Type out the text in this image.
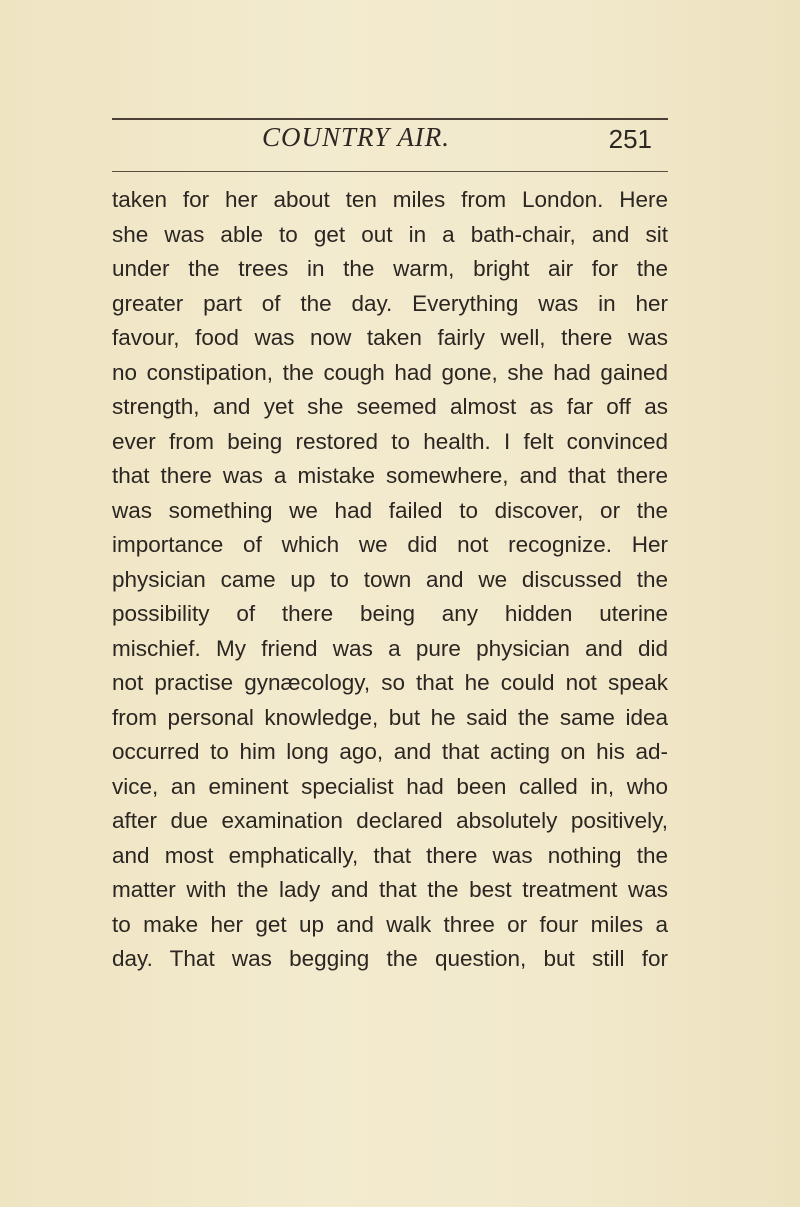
COUNTRY AIR.	251
taken for her about ten miles from London. Here
she was able to get out in a bath-chair, and sit
under the trees in the warm, bright air for the
greater part of the day. Everything was in her
favour, food was now taken fairly well, there was
no constipation, the cough had gone, she had gained
strength, and yet she seemed almost as far off as
ever from being restored to health. I felt convinced
that there was a mistake somewhere, and that there
was something we had failed to discover, or the
importance of which we did not recognize. Her
physician came up to town and we discussed the
possibility of there being any hidden uterine
mischief. My friend was a pure physician and did
not practise gynæcology, so that he could not speak
from personal knowledge, but he said the same idea
occurred to him long ago, and that acting on his ad-
vice, an eminent specialist had been called in, who
after due examination declared absolutely positively,
and most emphatically, that there was nothing the
matter with the lady and that the best treatment was
to make her get up and walk three or four miles a
day. That was begging the question, but still for
